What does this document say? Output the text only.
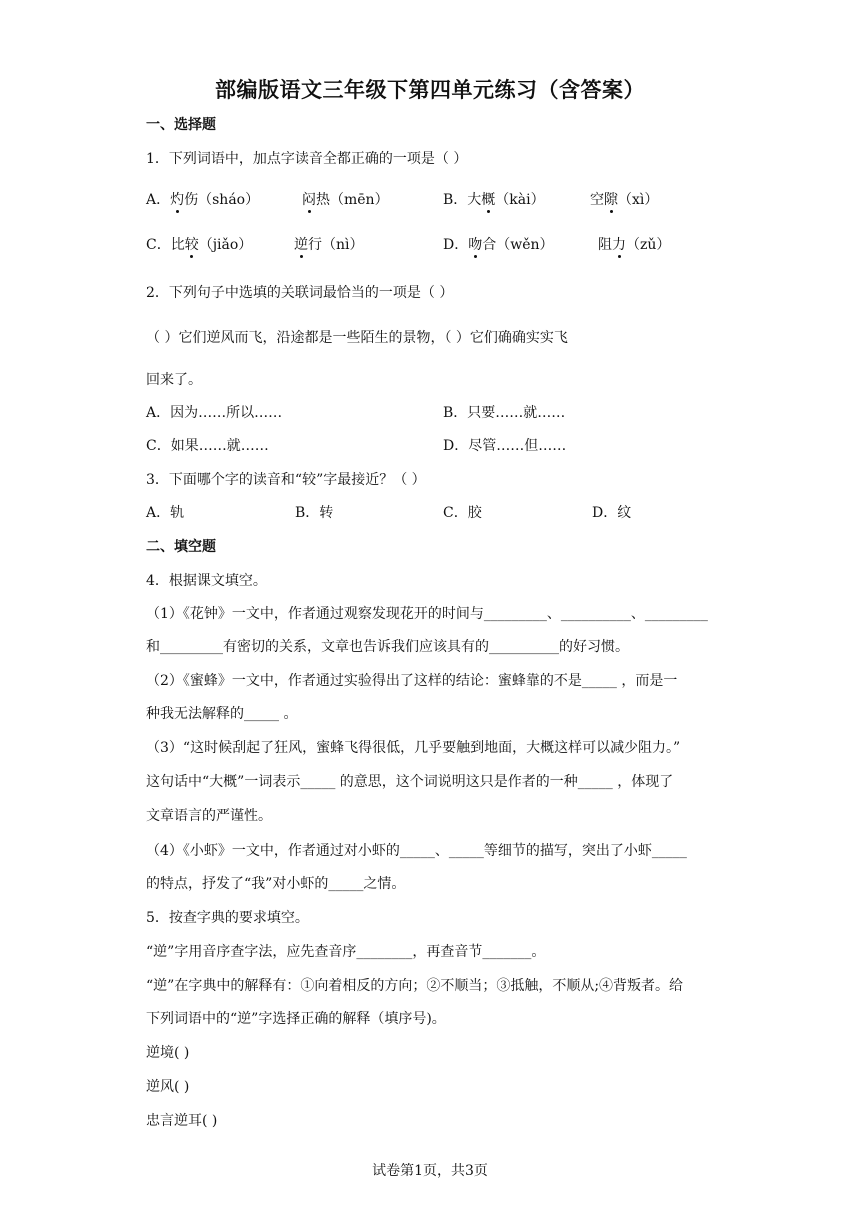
部编版语文三年级下第四单元练习（含答案）
一、选择题
1．下列词语中，加点字读音全都正确的一项是（ ）
A．灼伤（sháo）	闷热（mēn）	B．大概（kài）	空隙（xì）
C．比较（jiǎo）	逆行（nì）	D．吻合（wěn）	阻力（zǔ）
2．下列句子中选填的关联词最恰当的一项是（ ）
（ ）它们逆风而飞，沿途都是一些陌生的景物，（ ）它们确确实实飞
回来了。
A．因为……所以……	B．只要……就……
C．如果……就……	D．尽管……但……
3．下面哪个字的读音和“较”字最接近？（ ）
A．轨	B．转	C．胶	D．纹
二、填空题
4．根据课文填空。
（1）《花钟》一文中，作者通过观察发现花开的时间与_________、__________、_________
和_________有密切的关系，文章也告诉我们应该具有的__________的好习惯。
（2）《蜜蜂》一文中，作者通过实验得出了这样的结论：蜜蜂靠的不是_____ ，而是一
种我无法解释的_____ 。
（3）“这时候刮起了狂风，蜜蜂飞得很低，几乎要触到地面，大概这样可以减少阻力。”
这句话中“大概”一词表示_____ 的意思，这个词说明这只是作者的一种_____ ，体现了
文章语言的严谨性。
（4）《小虾》一文中，作者通过对小虾的_____、_____等细节的描写，突出了小虾_____
的特点，抒发了“我”对小虾的_____之情。
5．按查字典的要求填空。
“逆”字用音序查字法，应先查音序________，再查音节_______。
“逆”在字典中的解释有：①向着相反的方向；②不顺当；③抵触，不顺从;④背叛者。给
下列词语中的“逆”字选择正确的解释（填序号)。
逆境( )
逆风( )
忠言逆耳( )
试卷第1页，共3页
